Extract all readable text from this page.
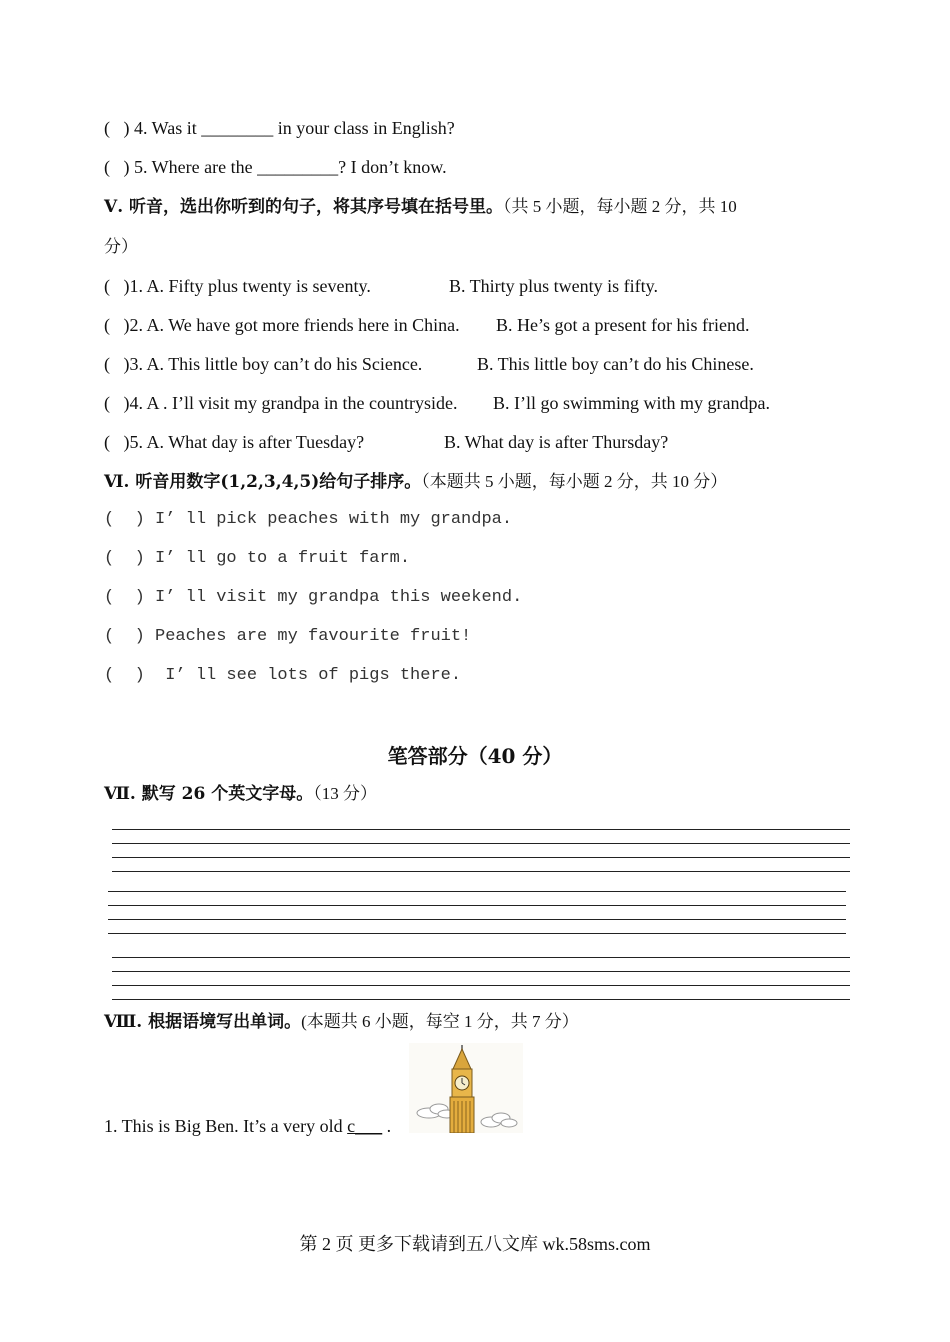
(   ) 4. Was it ________ in your class in English?
(   ) 5. Where are the _________? I don’t know.
Ⅴ. 听音，选出你听到的句子，将其序号填在括号里。（共 5 小题，每小题 2 分，共 10
分）
(   )1. A. Fifty plus twenty is seventy.	B. Thirty plus twenty is fifty.
(   )2. A. We have got more friends here in China. B. He’s got a present for his friend.
(   )3. A. This little boy can’t do his Science.	B. This little boy can’t do his Chinese.
(   )4. A . I’ll visit my grandpa in the countryside. B. I’ll go swimming with my grandpa.
(   )5. A. What day is after Tuesday?	B. What day is after Thursday?
Ⅵ. 听音用数字(1,2,3,4,5)给句子排序。（本题共 5 小题，每小题 2 分，共 10 分）
(  ) I’ ll pick peaches with my grandpa.
(  ) I’ ll go to a fruit farm.
(  ) I’ ll visit my grandpa this weekend.
(  ) Peaches are my favourite fruit!
(  )  I’ ll see lots of pigs there.
笔答部分（40 分）
Ⅶ. 默写 26 个英文字母。（13 分）
Ⅷ. 根据语境写出单词。(本题共 6 小题，每空 1 分，共 7 分）
1. This is Big Ben. It’s a very old c___ .
第 2 页 更多下载请到五八文库 wk.58sms.com
